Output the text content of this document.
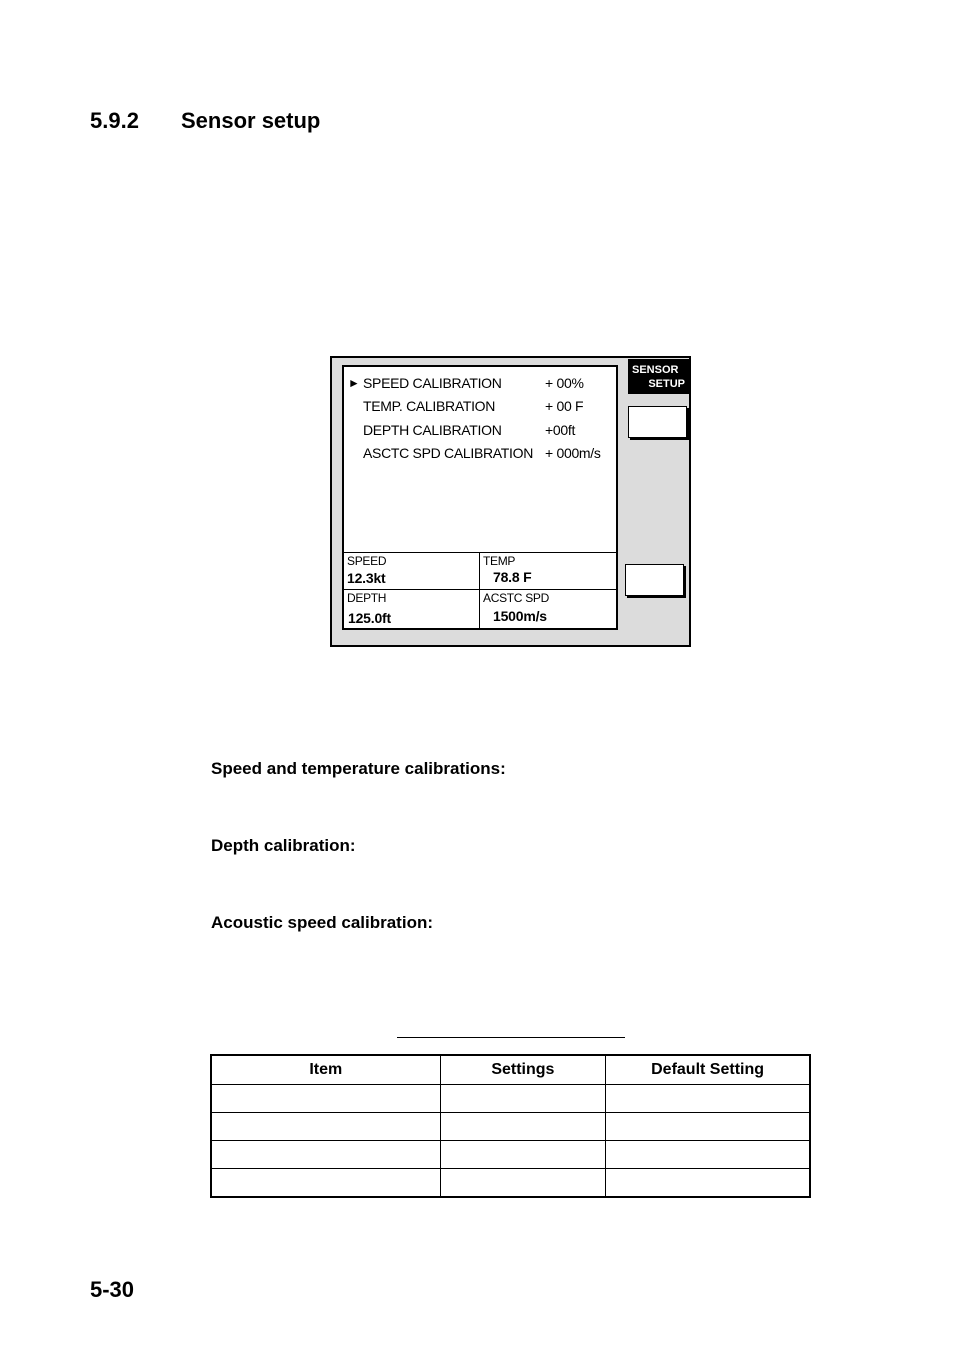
5.9.2 Sensor setup
► SPEED CALIBRATION	+ 00%
TEMP. CALIBRATION	+ 00 F
DEPTH CALIBRATION	+00ft
ASCTC SPD CALIBRATION + 000m/s
SPEED
12.3kt
TEMP
78.8 F
DEPTH
125.0ft
ACSTC SPD
1500m/s
SENSOR
SETUP
Speed and temperature calibrations:
Depth calibration:
Acoustic speed calibration:
Item	Settings	Default Setting

5-30
